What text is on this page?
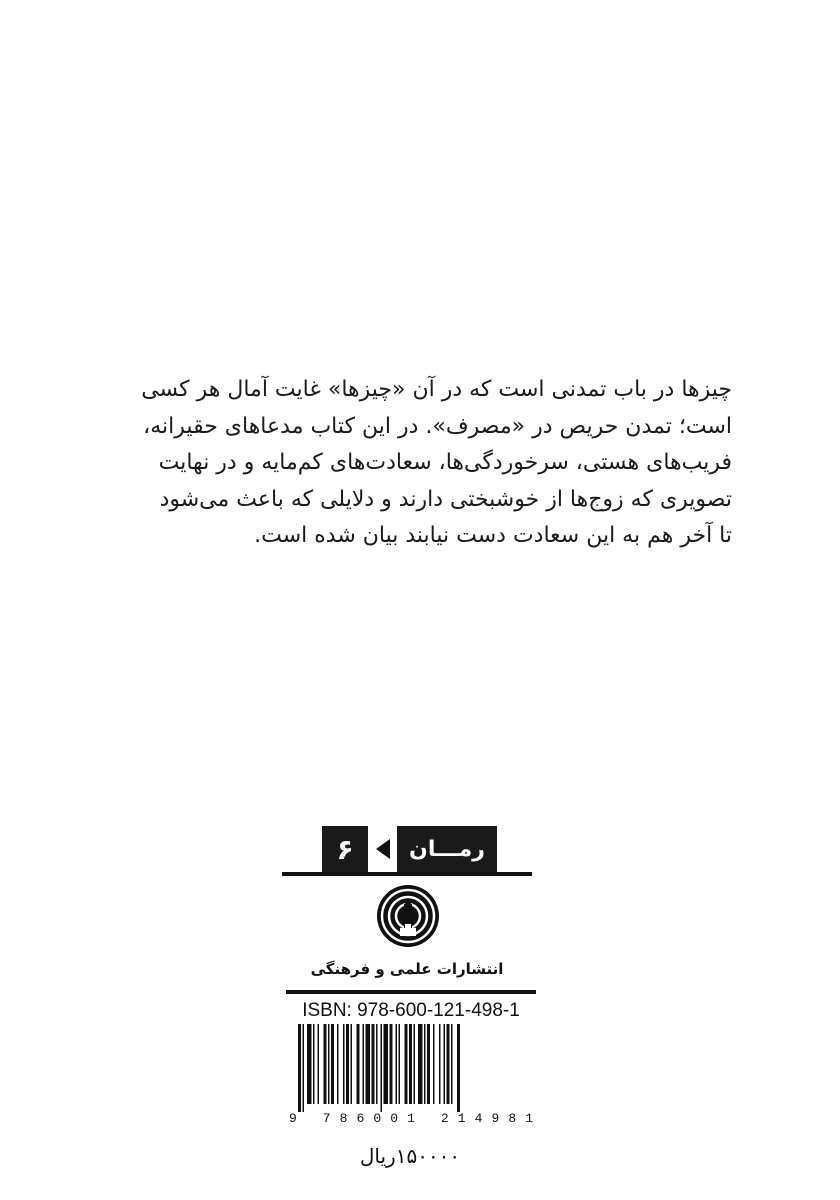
چیزها در باب تمدنی است که در آن «چیزها» غایت آمال هر کسی

است؛ تمدن حریص در «مصرف». در این کتاب مدعاهای حقیرانه،

فریب‌های هستی، سرخوردگی‌ها، سعادت‌های کم‌مایه و در نهایت

تصویری که زوج‌ها از خوشبختی دارند و دلایلی که باعث می‌شود

تا آخر هم به این سعادت دست نیابند بیان شده است.

۶	رمـــان
انتشارات علمی و فرهنگی
ISBN: 978-600-121-498-1
9 786001 214981
۱۵۰۰۰۰ریال
